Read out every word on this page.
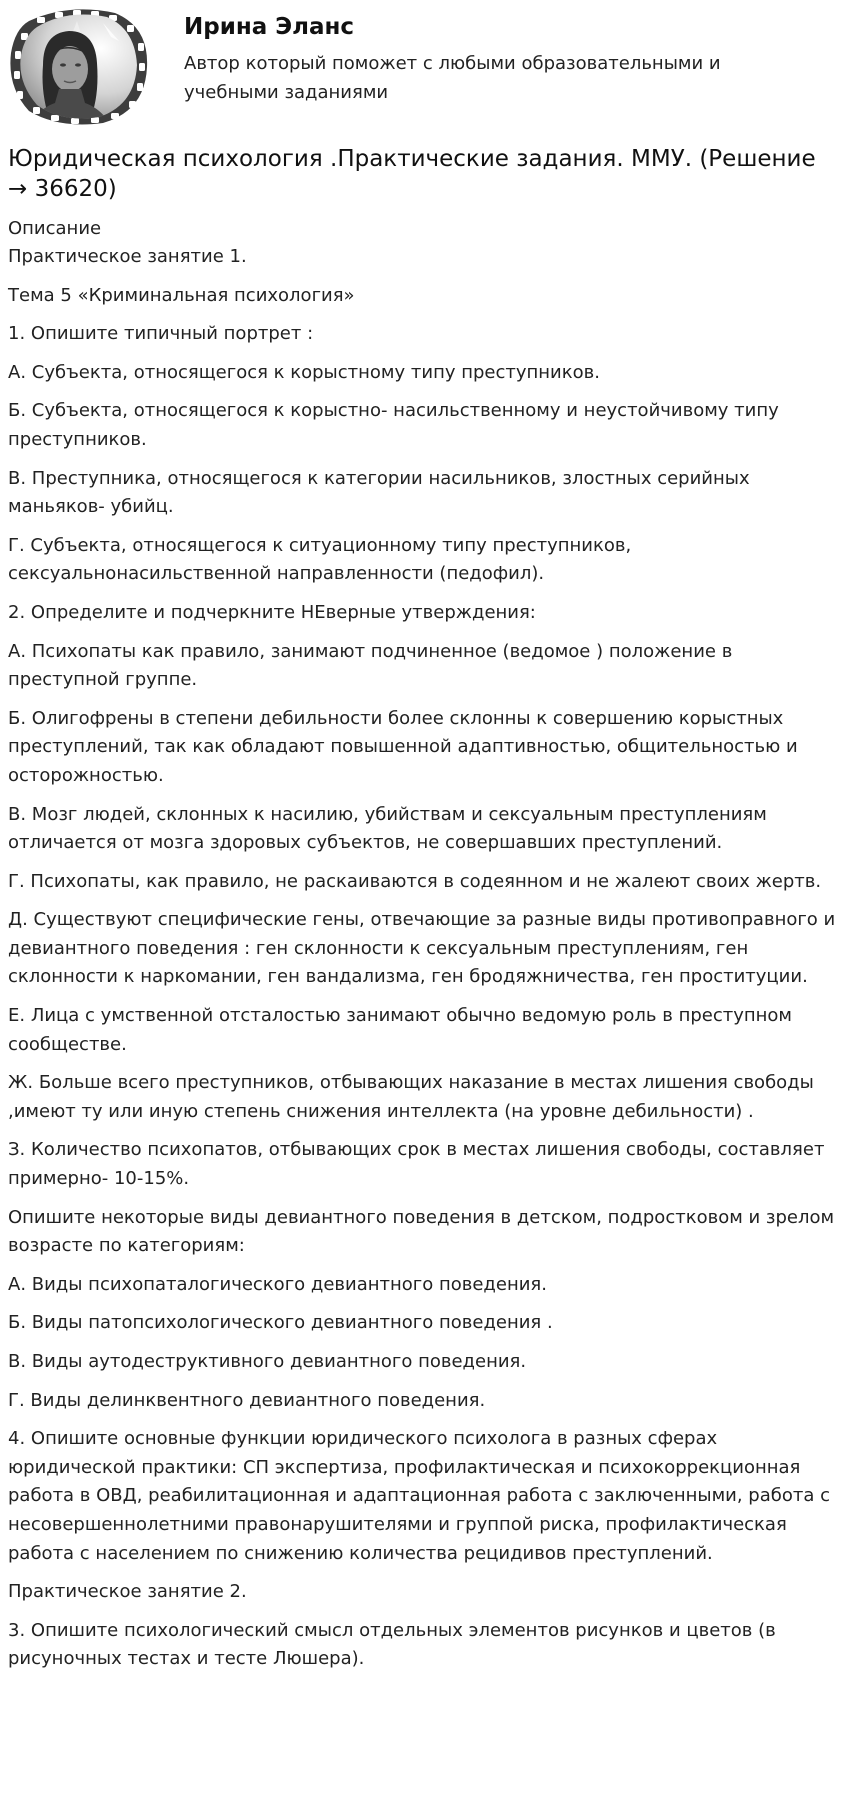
Ирина Эланс
Автор который поможет с любыми образовательными и учебными заданиями
Юридическая психология .Практические задания. ММУ. (Решение → 36620)
Описание
Практическое занятие 1.
Тема 5 «Криминальная психология»
1. Опишите типичный портрет :
А. Субъекта, относящегося к корыстному типу преступников.
Б. Субъекта, относящегося к корыстно- насильственному и неустойчивому типу преступников.
В. Преступника, относящегося к категории насильников, злостных серийных маньяков- убийц.
Г. Субъекта, относящегося к ситуационному типу преступников, сексуальнонасильственной направленности (педофил).
2. Определите и подчеркните НЕверные утверждения:
А. Психопаты как правило, занимают подчиненное (ведомое ) положение в преступной группе.
Б. Олигофрены в степени дебильности более склонны к совершению корыстных преступлений, так как обладают повышенной адаптивностью, общительностью и осторожностью.
В. Мозг людей, склонных к насилию, убийствам и сексуальным преступлениям отличается от мозга здоровых субъектов, не совершавших преступлений.
Г. Психопаты, как правило, не раскаиваются в содеянном и не жалеют своих жертв.
Д. Существуют специфические гены, отвечающие за разные виды противоправного и девиантного поведения : ген склонности к сексуальным преступлениям, ген склонности к наркомании, ген вандализма, ген бродяжничества, ген проституции.
Е. Лица с умственной отсталостью занимают обычно ведомую роль в преступном сообществе.
Ж. Больше всего преступников, отбывающих наказание в местах лишения свободы ,имеют ту или иную степень снижения интеллекта (на уровне дебильности) .
З. Количество психопатов, отбывающих срок в местах лишения свободы, составляет примерно- 10-15%.
Опишите некоторые виды девиантного поведения в детском, подростковом и зрелом возрасте по категориям:
А. Виды психопаталогического девиантного поведения.
Б. Виды патопсихологического девиантного поведения .
В. Виды аутодеструктивного девиантного поведения.
Г. Виды делинквентного девиантного поведения.
4. Опишите основные функции юридического психолога в разных сферах юридической практики: СП экспертиза, профилактическая и психокоррекционная работа в ОВД, реабилитационная и адаптационная работа с заключенными, работа с несовершеннолетними правонарушителями и группой риска, профилактическая работа с населением по снижению количества рецидивов преступлений.
Практическое занятие 2.
3. Опишите психологический смысл отдельных элементов рисунков и цветов (в рисуночных тестах и тесте Люшера).
